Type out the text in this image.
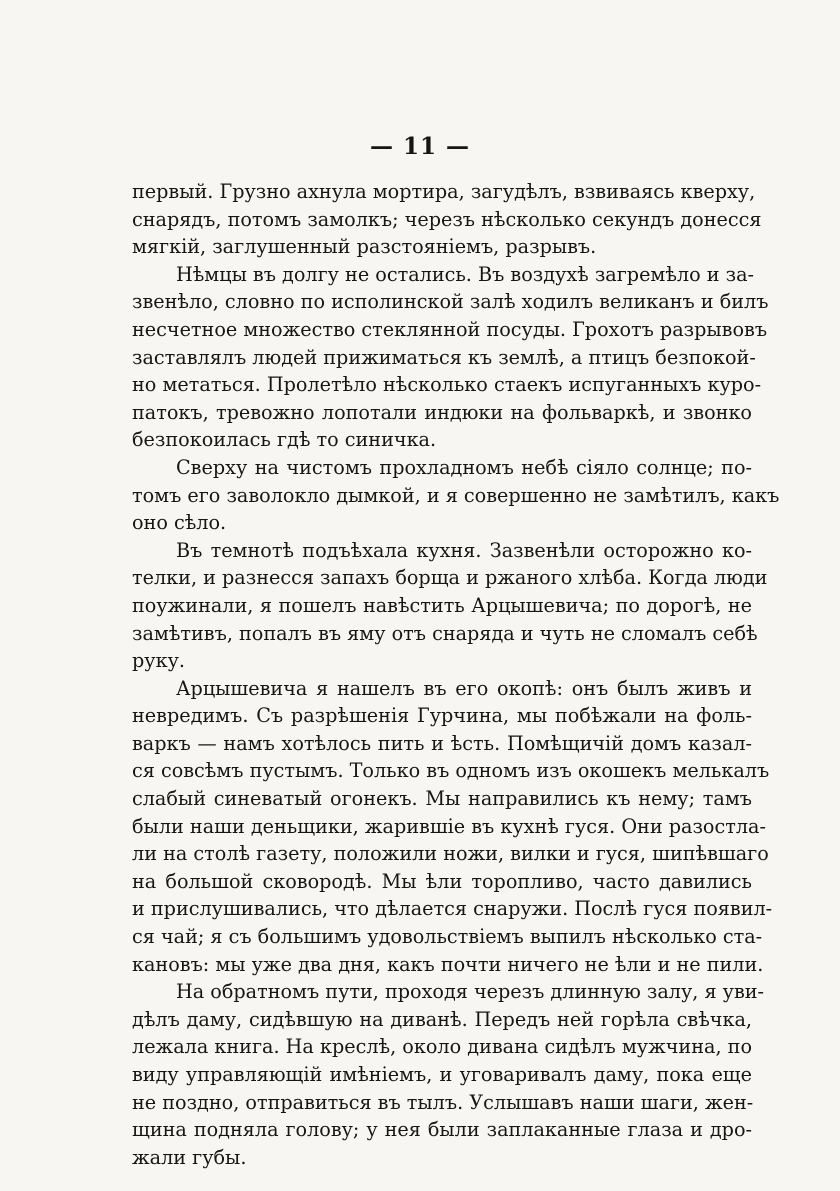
— 11 —
первый. Грузно ахнула мортира, загудѣлъ, взвиваясь кверху,
снарядъ, потомъ замолкъ; черезъ нѣсколько секундъ донесся
мягкій, заглушенный разстояніемъ, разрывъ.
Нѣмцы въ долгу не остались. Въ воздухѣ загремѣло и за-
звенѣло, словно по исполинской залѣ ходилъ великанъ и билъ
несчетное множество стеклянной посуды. Грохотъ разрывовъ
заставлялъ людей прижиматься къ землѣ, а птицъ безпокой-
но метаться. Пролетѣло нѣсколько стаекъ испуганныхъ куро-
патокъ, тревожно лопотали индюки на фольваркѣ, и звонко
безпокоилась гдѣ то синичка.
Сверху на чистомъ прохладномъ небѣ сіяло солнце; по-
томъ его заволокло дымкой, и я совершенно не замѣтилъ, какъ
оно сѣло.
Въ темнотѣ подъѣхала кухня. Зазвенѣли осторожно ко-
телки, и разнесся запахъ борща и ржаного хлѣба. Когда люди
поужинали, я пошелъ навѣстить Арцышевича; по дорогѣ, не
замѣтивъ, попалъ въ яму отъ снаряда и чуть не сломалъ себѣ
руку.
Арцышевича я нашелъ въ его окопѣ: онъ былъ живъ и
невредимъ. Съ разрѣшенія Гурчина, мы побѣжали на фоль-
варкъ — намъ хотѣлось пить и ѣсть. Помѣщичій домъ казал-
ся совсѣмъ пустымъ. Только въ одномъ изъ окошекъ мелькалъ
слабый синеватый огонекъ. Мы направились къ нему; тамъ
были наши деньщики, жарившіе въ кухнѣ гуся. Они разостла-
ли на столѣ газету, положили ножи, вилки и гуся, шипѣвшаго
на большой сковородѣ. Мы ѣли торопливо, часто давились
и прислушивались, что дѣлается снаружи. Послѣ гуся появил-
ся чай; я съ большимъ удовольствіемъ выпилъ нѣсколько ста-
кановъ: мы уже два дня, какъ почти ничего не ѣли и не пили.
На обратномъ пути, проходя черезъ длинную залу, я уви-
дѣлъ даму, сидѣвшую на диванѣ. Передъ ней горѣла свѣчка,
лежала книга. На креслѣ, около дивана сидѣлъ мужчина, по
виду управляющій имѣніемъ, и уговаривалъ даму, пока еще
не поздно, отправиться въ тылъ. Услышавъ наши шаги, жен-
щина подняла голову; у нея были заплаканные глаза и дро-
жали губы.
